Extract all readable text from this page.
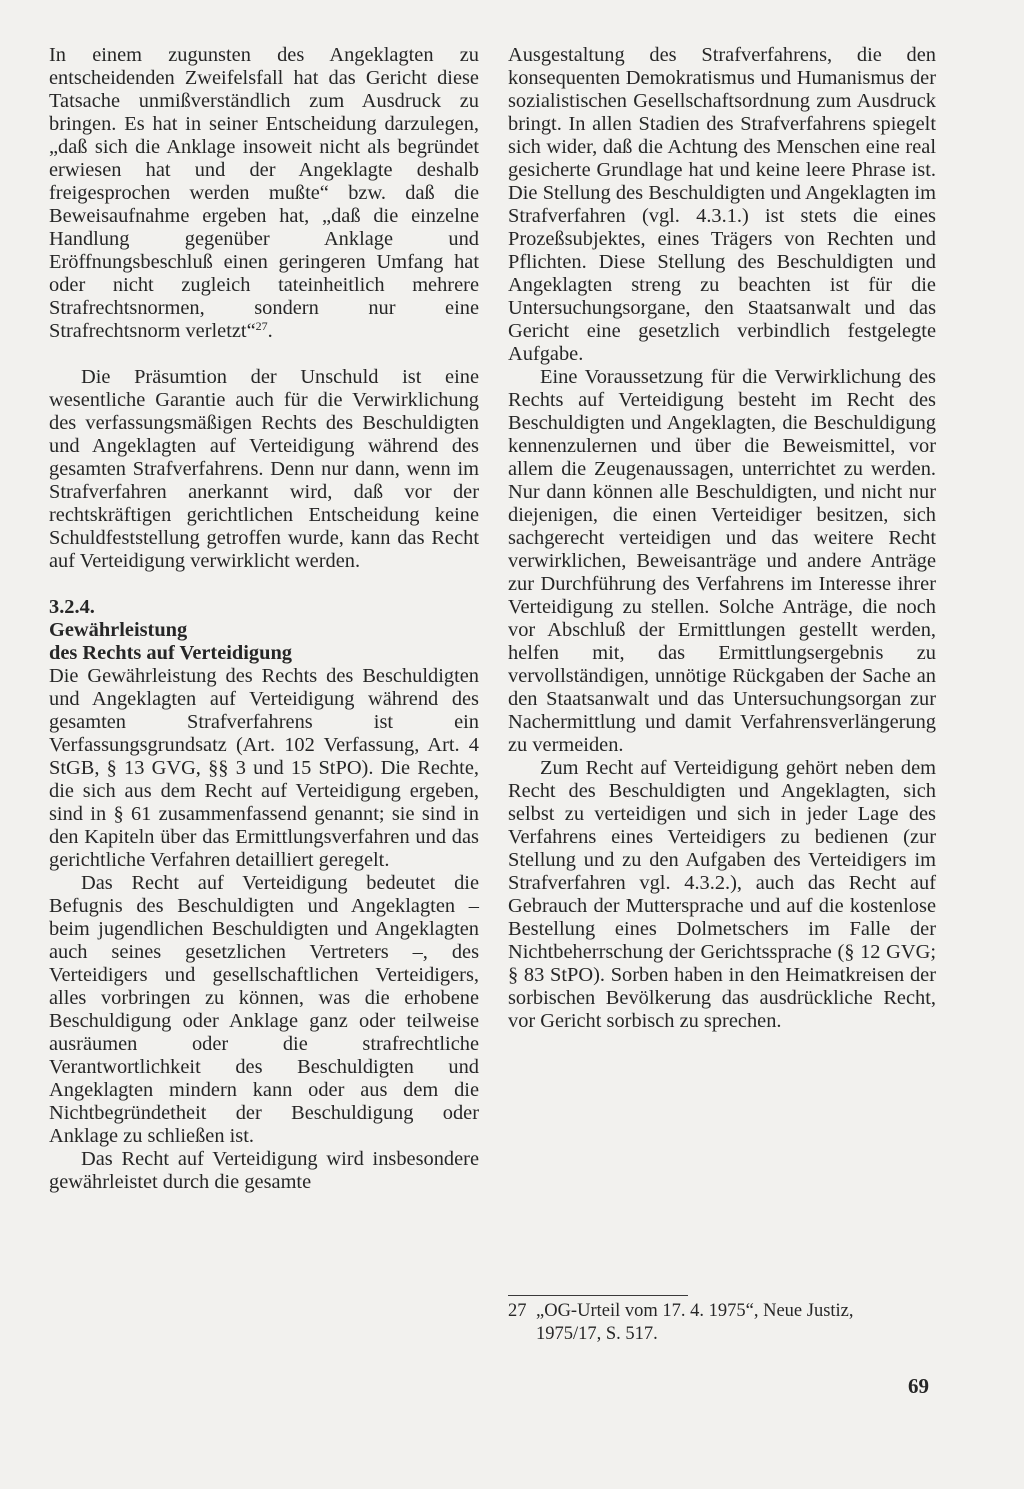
In einem zugunsten des Angeklagten zu entscheidenden Zweifelsfall hat das Gericht diese Tatsache unmißverständlich zum Ausdruck zu bringen. Es hat in seiner Entscheidung darzulegen, „daß sich die Anklage insoweit nicht als begründet erwiesen hat und der Angeklagte deshalb freigesprochen werden mußte“ bzw. daß die Beweisaufnahme ergeben hat, „daß die einzelne Handlung gegenüber Anklage und Eröffnungsbeschluß einen geringeren Umfang hat oder nicht zugleich tateinheitlich mehrere Strafrechtsnormen, sondern nur eine Strafrechtsnorm verletzt“$^{27}$.

Die Präsumtion der Unschuld ist eine wesentliche Garantie auch für die Verwirklichung des verfassungsmäßigen Rechts des Beschuldigten und Angeklagten auf Verteidigung während des gesamten Strafverfahrens. Denn nur dann, wenn im Strafverfahren anerkannt wird, daß vor der rechtskräftigen gerichtlichen Entscheidung keine Schuldfeststellung getroffen wurde, kann das Recht auf Verteidigung verwirklicht werden.

3.2.4.
Gewährleistung
des Rechts auf Verteidigung

Die Gewährleistung des Rechts des Beschuldigten und Angeklagten auf Verteidigung während des gesamten Strafverfahrens ist ein Verfassungsgrundsatz (Art. 102 Verfassung, Art. 4 StGB, § 13 GVG, §§ 3 und 15 StPO). Die Rechte, die sich aus dem Recht auf Verteidigung ergeben, sind in § 61 zusammenfassend genannt; sie sind in den Kapiteln über das Ermittlungsverfahren und das gerichtliche Verfahren detailliert geregelt.

Das Recht auf Verteidigung bedeutet die Befugnis des Beschuldigten und Angeklagten – beim jugendlichen Beschuldigten und Angeklagten auch seines gesetzlichen Vertreters –, des Verteidigers und gesellschaftlichen Verteidigers, alles vorbringen zu können, was die erhobene Beschuldigung oder Anklage ganz oder teilweise ausräumen oder die strafrechtliche Verantwortlichkeit des Beschuldigten und Angeklagten mindern kann oder aus dem die Nichtbegründetheit der Beschuldigung oder Anklage zu schließen ist.

Das Recht auf Verteidigung wird insbesondere gewährleistet durch die gesamte

Ausgestaltung des Strafverfahrens, die den konsequenten Demokratismus und Humanismus der sozialistischen Gesellschaftsordnung zum Ausdruck bringt. In allen Stadien des Strafverfahrens spiegelt sich wider, daß die Achtung des Menschen eine real gesicherte Grundlage hat und keine leere Phrase ist. Die Stellung des Beschuldigten und Angeklagten im Strafverfahren (vgl. 4.3.1.) ist stets die eines Prozeßsubjektes, eines Trägers von Rechten und Pflichten. Diese Stellung des Beschuldigten und Angeklagten streng zu beachten ist für die Untersuchungsorgane, den Staatsanwalt und das Gericht eine gesetzlich verbindlich festgelegte Aufgabe.

Eine Voraussetzung für die Verwirklichung des Rechts auf Verteidigung besteht im Recht des Beschuldigten und Angeklagten, die Beschuldigung kennenzulernen und über die Beweismittel, vor allem die Zeugenaussagen, unterrichtet zu werden. Nur dann können alle Beschuldigten, und nicht nur diejenigen, die einen Verteidiger besitzen, sich sachgerecht verteidigen und das weitere Recht verwirklichen, Beweisanträge und andere Anträge zur Durchführung des Verfahrens im Interesse ihrer Verteidigung zu stellen. Solche Anträge, die noch vor Abschluß der Ermittlungen gestellt werden, helfen mit, das Ermittlungsergebnis zu vervollständigen, unnötige Rückgaben der Sache an den Staatsanwalt und das Untersuchungsorgan zur Nachermittlung und damit Verfahrensverlängerung zu vermeiden.

Zum Recht auf Verteidigung gehört neben dem Recht des Beschuldigten und Angeklagten, sich selbst zu verteidigen und sich in jeder Lage des Verfahrens eines Verteidigers zu bedienen (zur Stellung und zu den Aufgaben des Verteidigers im Strafverfahren vgl. 4.3.2.), auch das Recht auf Gebrauch der Muttersprache und auf die kostenlose Bestellung eines Dolmetschers im Falle der Nichtbeherrschung der Gerichtssprache (§ 12 GVG; § 83 StPO). Sorben haben in den Heimatkreisen der sorbischen Bevölkerung das ausdrückliche Recht, vor Gericht sorbisch zu sprechen.

27 „OG-Urteil vom 17. 4. 1975“, Neue Justiz,
1975/17, S. 517.
69
